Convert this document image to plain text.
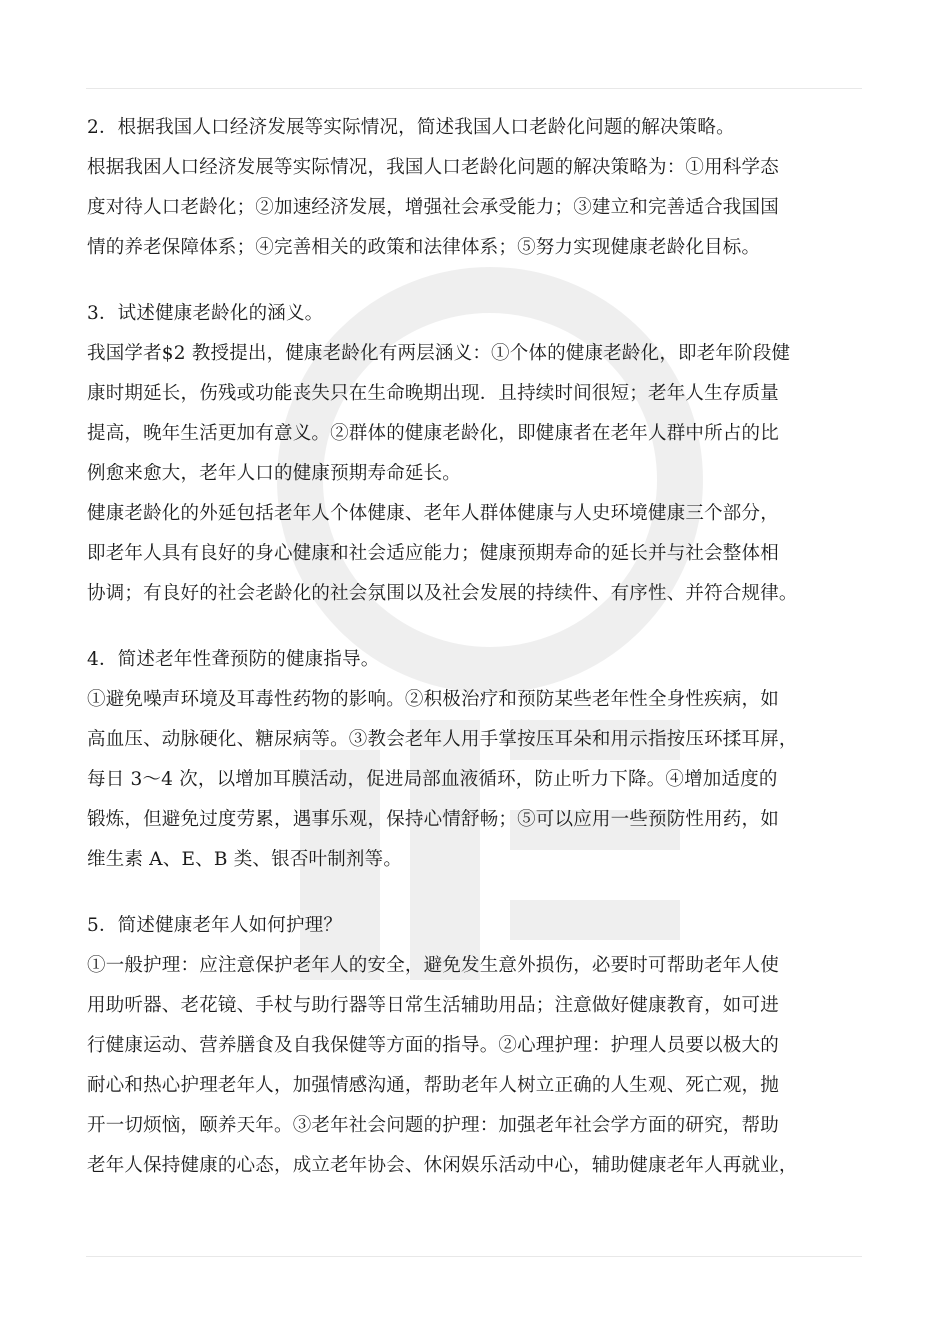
2．根据我国人口经济发展等实际情况，简述我国人口老龄化问题的解决策略。
根据我困人口经济发展等实际情况，我国人口老龄化问题的解决策略为：①用科学态
度对待人口老龄化；②加速经济发展，增强社会承受能力；③建立和完善适合我国国
情的养老保障体系；④完善相关的政策和法律体系；⑤努力实现健康老龄化目标。
3．试述健康老龄化的涵义。
我国学者$2 教授提出，健康老龄化有两层涵义：①个体的健康老龄化，即老年阶段健
康时期延长，伤残或功能丧失只在生命晚期出现．且持续时间很短；老年人生存质量
提高，晚年生活更加有意义。②群体的健康老龄化，即健康者在老年人群中所占的比
例愈来愈大，老年人口的健康预期寿命延长。
健康老龄化的外延包括老年人个体健康、老年人群体健康与人史环境健康三个部分，
即老年人具有良好的身心健康和社会适应能力；健康预期寿命的延长并与社会整体相
协调；有良好的社会老龄化的社会氛围以及社会发展的持续件、有序性、并符合规律。
4．简述老年性聋预防的健康指导。
①避免噪声环境及耳毒性药物的影响。②积极治疗和预防某些老年性全身性疾病，如
高血压、动脉硬化、糖尿病等。③教会老年人用手掌按压耳朵和用示指按压环揉耳屏，
每日 3～4 次，以增加耳膜活动，促进局部血液循环，防止听力下降。④增加适度的
锻炼，但避免过度劳累，遇事乐观，保持心情舒畅；⑤可以应用一些预防性用药，如
维生素 A、E、B 类、银否叶制剂等。
5．简述健康老年人如何护理？
①一般护理：应注意保护老年人的安全，避免发生意外损伤，必要时可帮助老年人使
用助听器、老花镜、手杖与助行器等日常生活辅助用品；注意做好健康教育，如可进
行健康运动、营养膳食及自我保健等方面的指导。②心理护理：护理人员要以极大的
耐心和热心护理老年人，加强情感沟通，帮助老年人树立正确的人生观、死亡观，抛
开一切烦恼，颐养天年。③老年社会问题的护理：加强老年社会学方面的研究，帮助
老年人保持健康的心态，成立老年协会、休闲娱乐活动中心，辅助健康老年人再就业，
